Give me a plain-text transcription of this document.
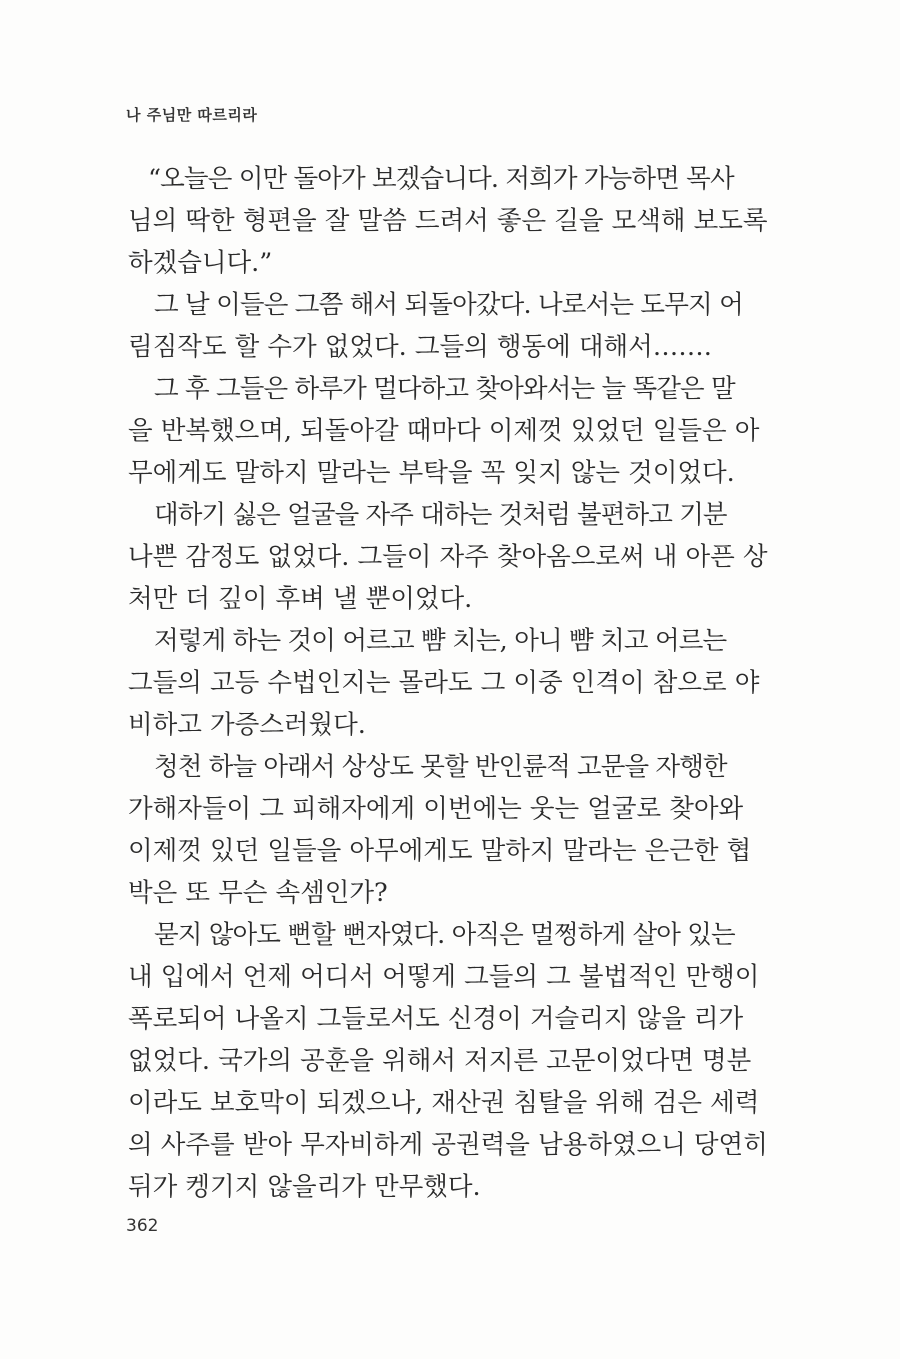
나 주님만 따르리라

“오늘은 이만 돌아가 보겠습니다. 저희가 가능하면 목사
님의 딱한 형편을 잘 말씀 드려서 좋은 길을 모색해 보도록
하겠습니다.”

그 날 이들은 그쯤 해서 되돌아갔다. 나로서는 도무지 어
림짐작도 할 수가 없었다. 그들의 행동에 대해서…….

그 후 그들은 하루가 멀다하고 찾아와서는 늘 똑같은 말
을 반복했으며, 되돌아갈 때마다 이제껏 있었던 일들은 아
무에게도 말하지 말라는 부탁을 꼭 잊지 않는 것이었다.

대하기 싫은 얼굴을 자주 대하는 것처럼 불편하고 기분
나쁜 감정도 없었다. 그들이 자주 찾아옴으로써 내 아픈 상
처만 더 깊이 후벼 낼 뿐이었다.

저렇게 하는 것이 어르고 뺨 치는, 아니 뺨 치고 어르는
그들의 고등 수법인지는 몰라도 그 이중 인격이 참으로 야
비하고 가증스러웠다.

청천 하늘 아래서 상상도 못할 반인륜적 고문을 자행한
가해자들이 그 피해자에게 이번에는 웃는 얼굴로 찾아와
이제껏 있던 일들을 아무에게도 말하지 말라는 은근한 협
박은 또 무슨 속셈인가?

묻지 않아도 뻔할 뻔자였다. 아직은 멀쩡하게 살아 있는
내 입에서 언제 어디서 어떻게 그들의 그 불법적인 만행이
폭로되어 나올지 그들로서도 신경이 거슬리지 않을 리가
없었다. 국가의 공훈을 위해서 저지른 고문이었다면 명분
이라도 보호막이 되겠으나, 재산권 침탈을 위해 검은 세력
의 사주를 받아 무자비하게 공권력을 남용하였으니 당연히
뒤가 켕기지 않을리가 만무했다.

362
